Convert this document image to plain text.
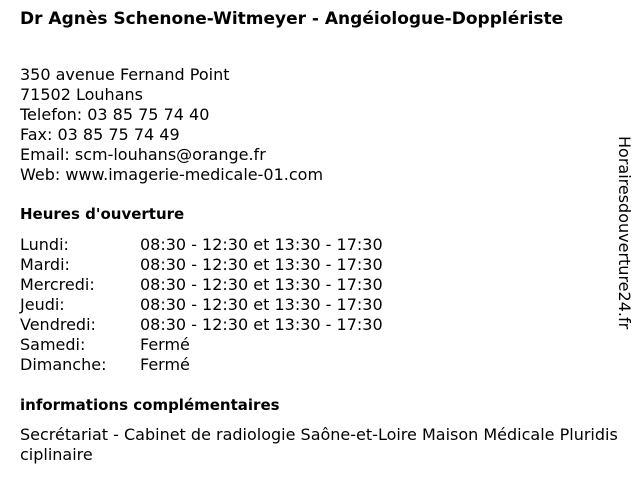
Dr Agnès Schenone-Witmeyer - Angéiologue-Dopplériste
350 avenue Fernand Point
71502 Louhans
Telefon: 03 85 75 74 40
Fax: 03 85 75 74 49
Email: scm-louhans@orange.fr
Web: www.imagerie-medicale-01.com
Heures d'ouverture
Lundi:	08:30 - 12:30 et 13:30 - 17:30
Mardi:	08:30 - 12:30 et 13:30 - 17:30
Mercredi:	08:30 - 12:30 et 13:30 - 17:30
Jeudi:	08:30 - 12:30 et 13:30 - 17:30
Vendredi:	08:30 - 12:30 et 13:30 - 17:30
Samedi:	Fermé
Dimanche:	Fermé
informations complémentaires
Secrétariat - Cabinet de radiologie Saône-et-Loire Maison Médicale Pluridisciplinaire
Horairesdouverture24.fr
